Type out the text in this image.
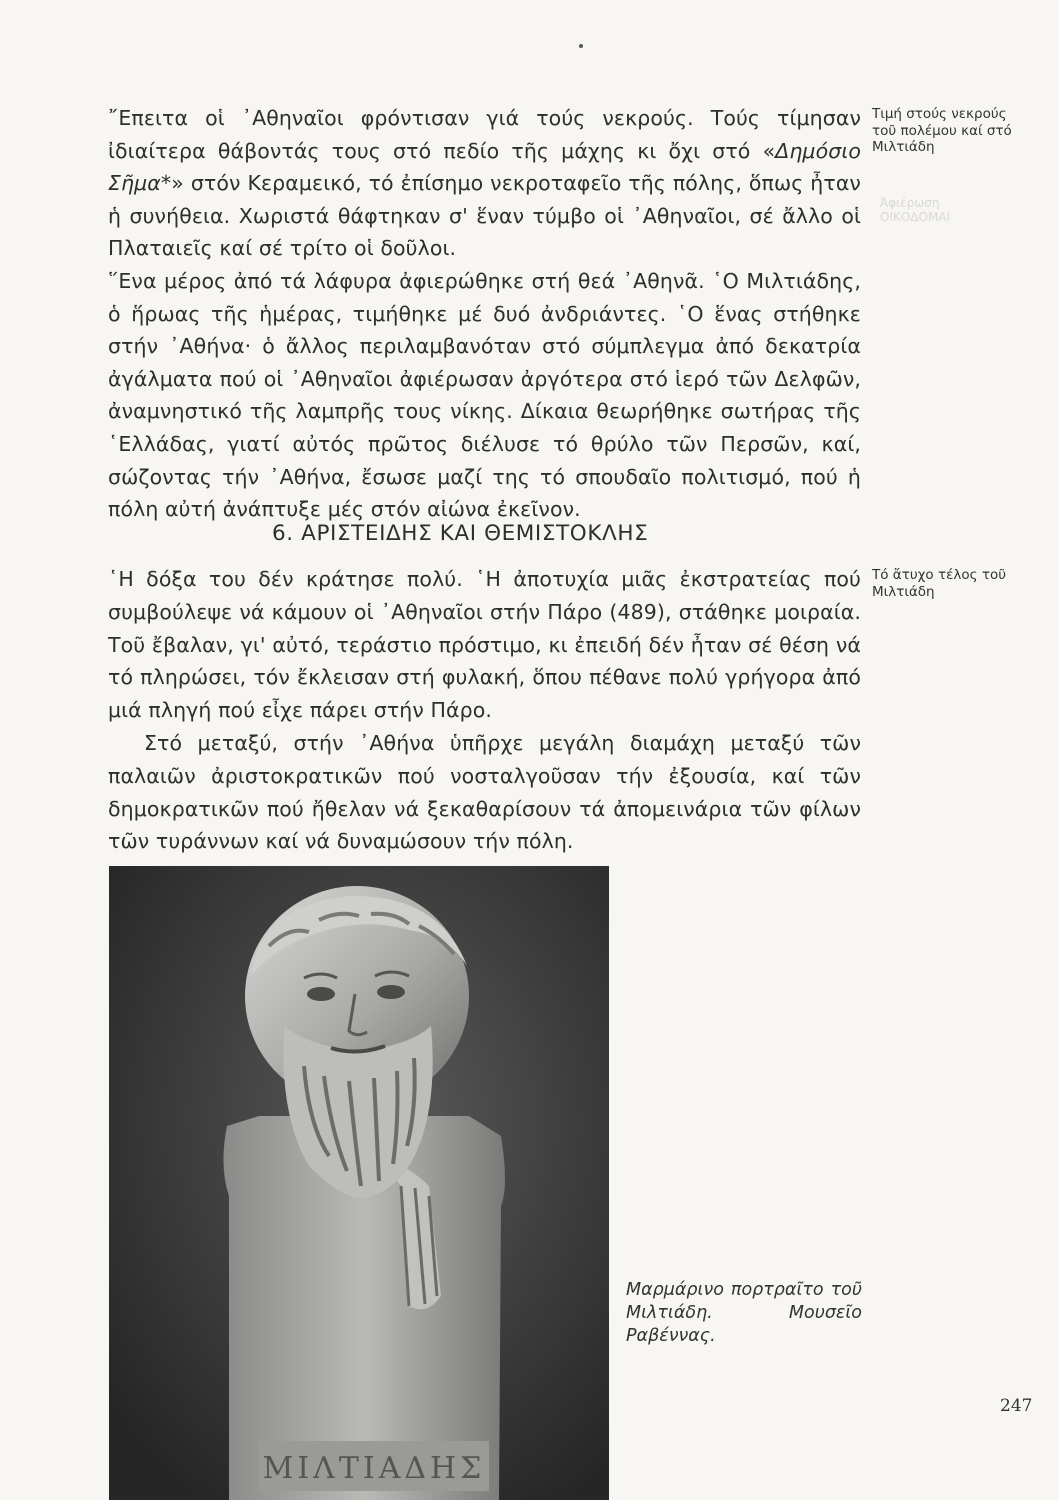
Ἀφιέρωση
ΟΙΚΟΔΟΜΑΙ

῎Επειτα οἱ ᾿Αθηναῖοι φρόντισαν γιά τούς νεκρούς. Τούς τίμησαν ἰδιαίτερα θάβοντάς τους στό πεδίο τῆς μάχης κι ὄχι στό «Δημόσιο Σῆμα*» στόν Κεραμεικό, τό ἐπίσημο νεκροταφεῖο τῆς πόλης, ὅπως ἦταν ἡ συνήθεια. Χωριστά θάφτηκαν σ' ἕναν τύμβο οἱ ᾿Αθηναῖοι, σέ ἄλλο οἱ Πλαταιεῖς καί σέ τρίτο οἱ δοῦλοι.

῞Ενα μέρος ἀπό τά λάφυρα ἀφιερώθηκε στή θεά ᾿Αθηνᾶ. ῾Ο Μιλτιάδης, ὁ ἥρωας τῆς ἡμέρας, τιμήθηκε μέ δυό ἀνδριάντες. ῾Ο ἕνας στήθηκε στήν ᾿Αθήνα· ὁ ἄλλος περιλαμβανόταν στό σύμπλεγμα ἀπό δεκατρία ἀγάλματα πού οἱ ᾿Αθηναῖοι ἀφιέρωσαν ἀργότερα στό ἱερό τῶν Δελφῶν, ἀναμνηστικό τῆς λαμπρῆς τους νίκης. Δίκαια θεωρήθηκε σωτήρας τῆς ῾Ελλάδας, γιατί αὐτός πρῶτος διέλυσε τό θρύλο τῶν Περσῶν, καί, σώζοντας τήν ᾿Αθήνα, ἔσωσε μαζί της τό σπουδαῖο πολιτισμό, πού ἡ πόλη αὐτή ἀνάπτυξε μές στόν αἰώνα ἐκεῖνον.

Τιμή στούς νεκρούς τοῦ πολέμου καί στό Μιλτιάδη
6. ΑΡΙΣΤΕΙΔΗΣ ΚΑΙ ΘΕΜΙΣΤΟΚΛΗΣ

῾Η δόξα του δέν κράτησε πολύ. ῾Η ἀποτυχία μιᾶς ἐκστρατείας πού συμβούλεψε νά κάμουν οἱ ᾿Αθηναῖοι στήν Πάρο (489), στάθηκε μοιραία. Τοῦ ἔβαλαν, γι' αὐτό, τεράστιο πρόστιμο, κι ἐπειδή δέν ἦταν σέ θέση νά τό πληρώσει, τόν ἔκλεισαν στή φυλακή, ὅπου πέθανε πολύ γρήγορα ἀπό μιά πληγή πού εἶχε πάρει στήν Πάρο.

Στό μεταξύ, στήν ᾿Αθήνα ὑπῆρχε μεγάλη διαμάχη μεταξύ τῶν παλαιῶν ἀριστοκρατικῶν πού νοσταλγοῦσαν τήν ἐξουσία, καί τῶν δημοκρατικῶν πού ἤθελαν νά ξεκαθαρίσουν τά ἀπομεινάρια τῶν φίλων τῶν τυράννων καί νά δυναμώσουν τήν πόλη.

Τό ἄτυχο τέλος τοῦ Μιλτιάδη
ΜΙΛΤΙΑΔΗΣ
Μαρμάρινο πορτραῖτο τοῦ Μιλτιάδη. Μουσεῖο Ραβέννας.
247
